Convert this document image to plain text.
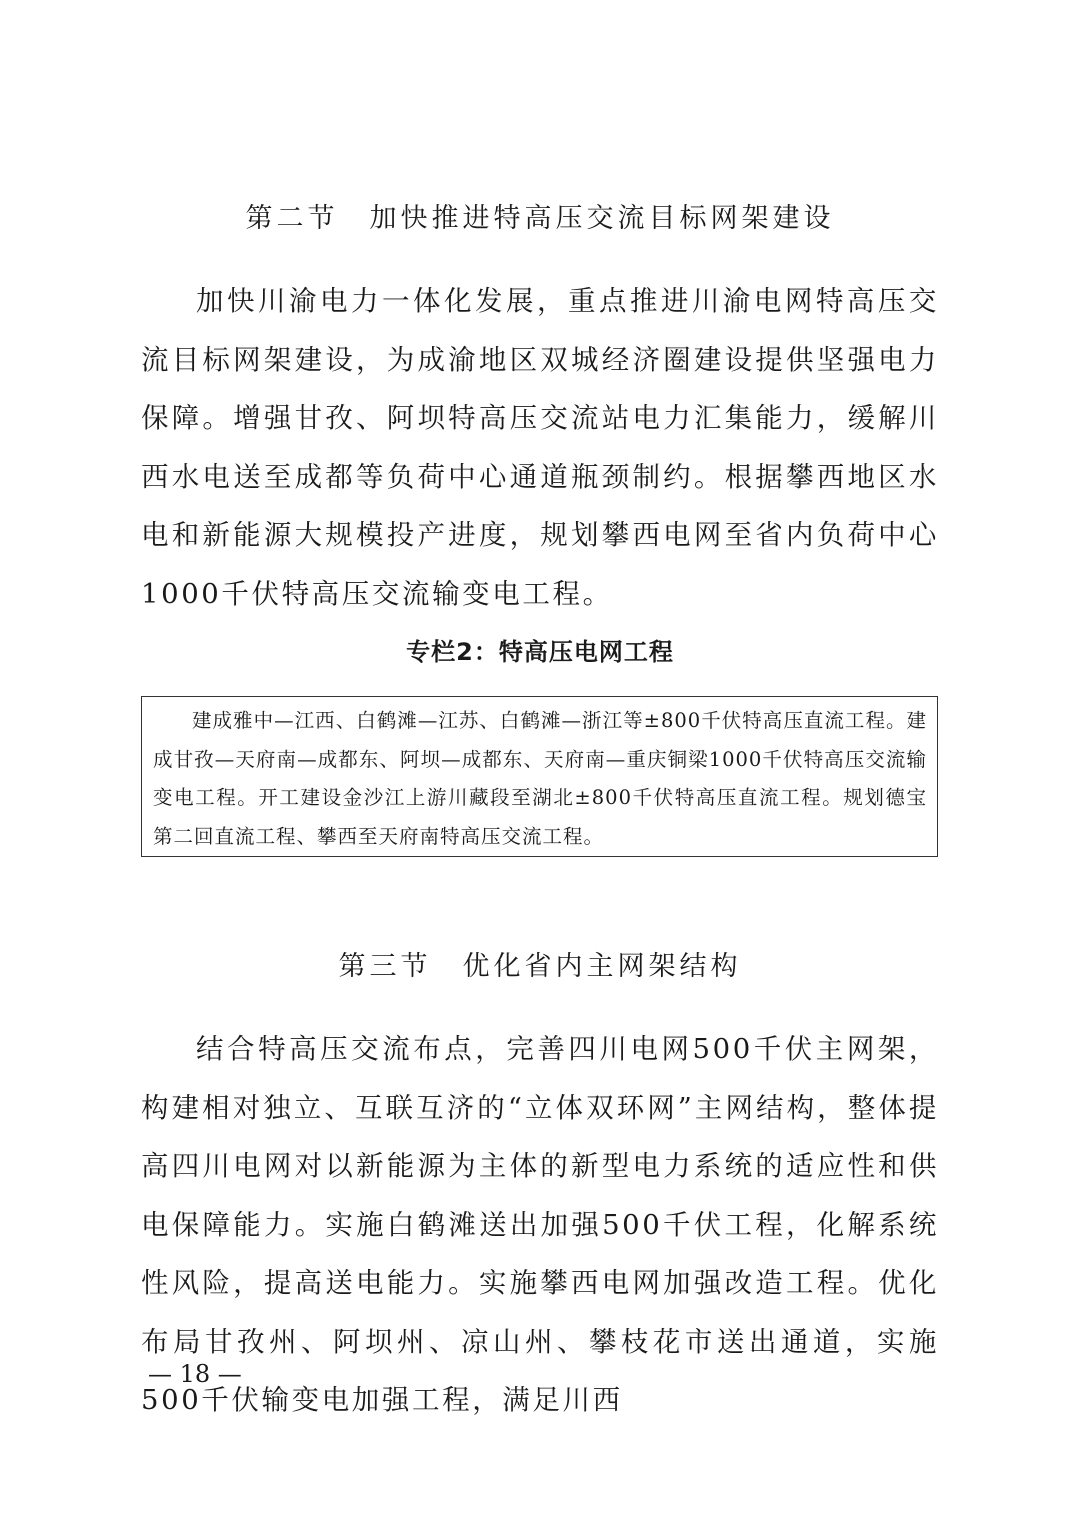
第二节　加快推进特高压交流目标网架建设

加快川渝电力一体化发展，重点推进川渝电网特高压交流目标网架建设，为成渝地区双城经济圈建设提供坚强电力保障。增强甘孜、阿坝特高压交流站电力汇集能力，缓解川西水电送至成都等负荷中心通道瓶颈制约。根据攀西地区水电和新能源大规模投产进度，规划攀西电网至省内负荷中心1000千伏特高压交流输变电工程。

专栏2：特高压电网工程

建成雅中—江西、白鹤滩—江苏、白鹤滩—浙江等±800千伏特高压直流工程。建成甘孜—天府南—成都东、阿坝—成都东、天府南—重庆铜梁1000千伏特高压交流输变电工程。开工建设金沙江上游川藏段至湖北±800千伏特高压直流工程。规划德宝第二回直流工程、攀西至天府南特高压交流工程。

第三节　优化省内主网架结构

结合特高压交流布点，完善四川电网500千伏主网架，构建相对独立、互联互济的“立体双环网”主网结构，整体提高四川电网对以新能源为主体的新型电力系统的适应性和供电保障能力。实施白鹤滩送出加强500千伏工程，化解系统性风险，提高送电能力。实施攀西电网加强改造工程。优化布局甘孜州、阿坝州、凉山州、攀枝花市送出通道，实施500千伏输变电加强工程，满足川西

— 18 —
